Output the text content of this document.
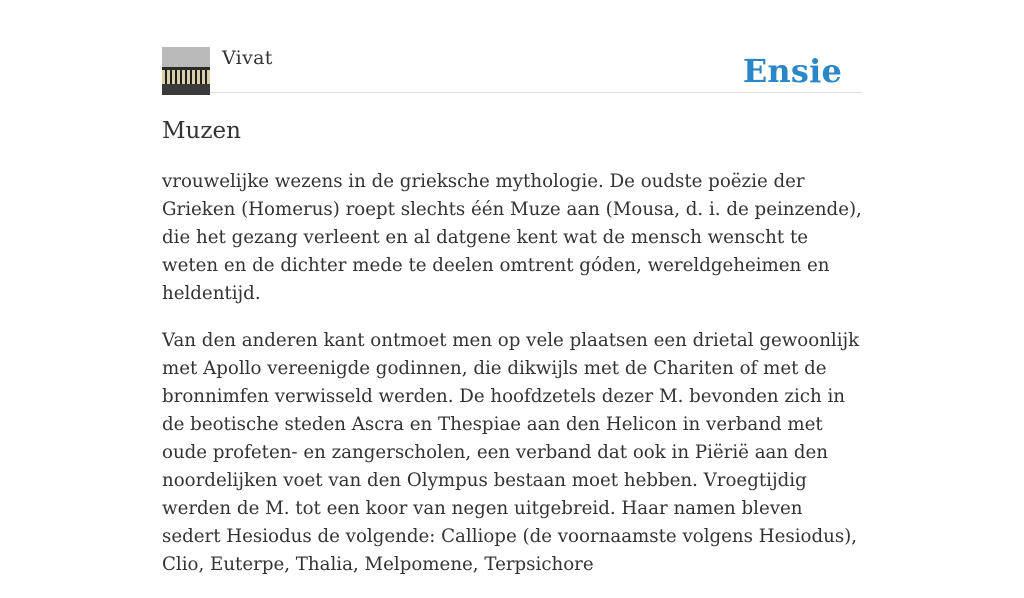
Vivat	Ensie
Muzen

vrouwelijke wezens in de grieksche mythologie. De oudste poëzie der Grieken (Homerus) roept slechts één Muze aan (Mousa, d. i. de peinzende), die het gezang verleent en al datgene kent wat de mensch wenscht te weten en de dichter mede te deelen omtrent góden, wereldgeheimen en heldentijd.

Van den anderen kant ontmoet men op vele plaatsen een drietal gewoonlijk met Apollo vereenigde godinnen, die dikwijls met de Chariten of met de bronnimfen verwisseld werden. De hoofdzetels dezer M. bevonden zich in de beotische steden Ascra en Thespiae aan den Helicon in verband met oude profeten- en zangerscholen, een verband dat ook in Piërië aan den noordelijken voet van den Olympus bestaan moet hebben. Vroegtijdig werden de M. tot een koor van negen uitgebreid. Haar namen bleven sedert Hesiodus de volgende: Calliope (de voornaamste volgens Hesiodus), Clio, Euterpe, Thalia, Melpomene, Terpsichore
